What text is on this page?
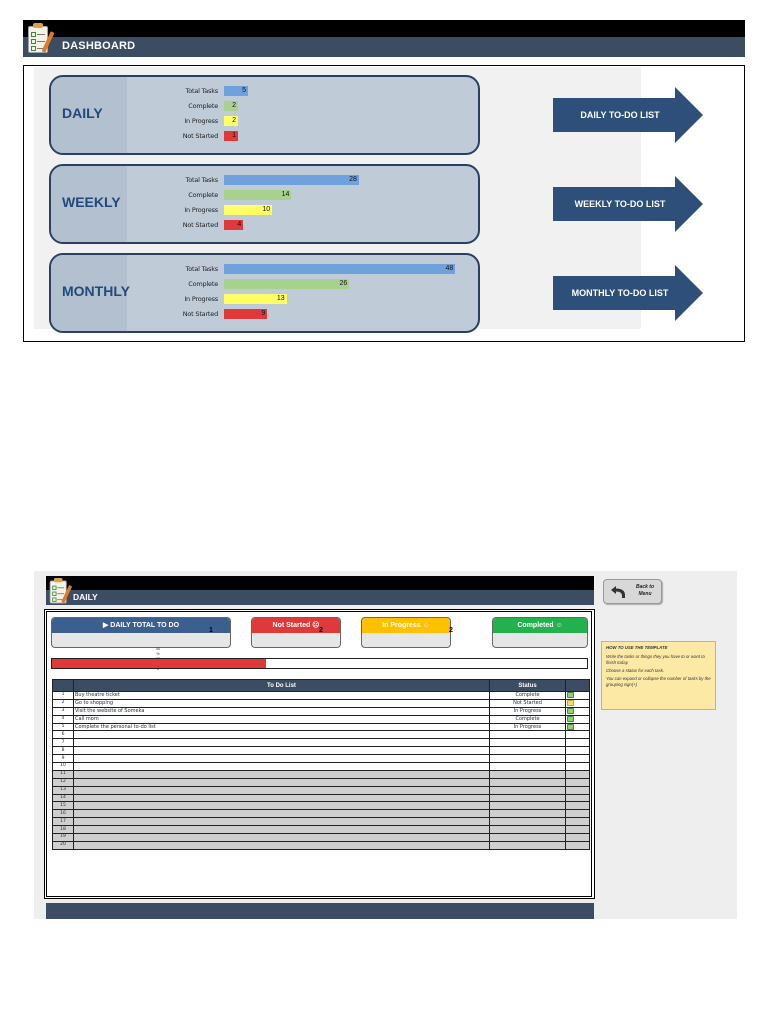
DASHBOARD
DAILY
Total Tasks	5
Complete 2
In Progress 2
Not Started 1
DAILY TO-DO LIST
WEEKLY
Total Tasks	28
Complete	14
In Progress	10
Not Started	4
WEEKLY TO-DO LIST
MONTHLY
Total Tasks	48
Complete	26
In Progress	13
Not Started	9
MONTHLY TO-DO LIST
DAILY
▶ DAILY TOTAL TO DO
1
Not Started ☹
2
In Progress ☺
2
Completed ☺
40
%
	To Do List	Status	
1	Buy theatre ticket	Complete	
2	Go to shopping	Not Started	
3	Visit the website of Someka	In Progress	
4	Call mom	Complete	
5	Complete the personal to-do list	In Progress	
6			
7			
8			
9			
10			
11			
12			
13			
14			
15			
16			
17			
18			
19			
20			
Back to Menu
HOW TO USE THE TEMPLATE

Write the tasks or things they you have to or want to finish today.

Choose a status for each task.

You can expand or collapse the number of tasks by the grouping sign(+)
